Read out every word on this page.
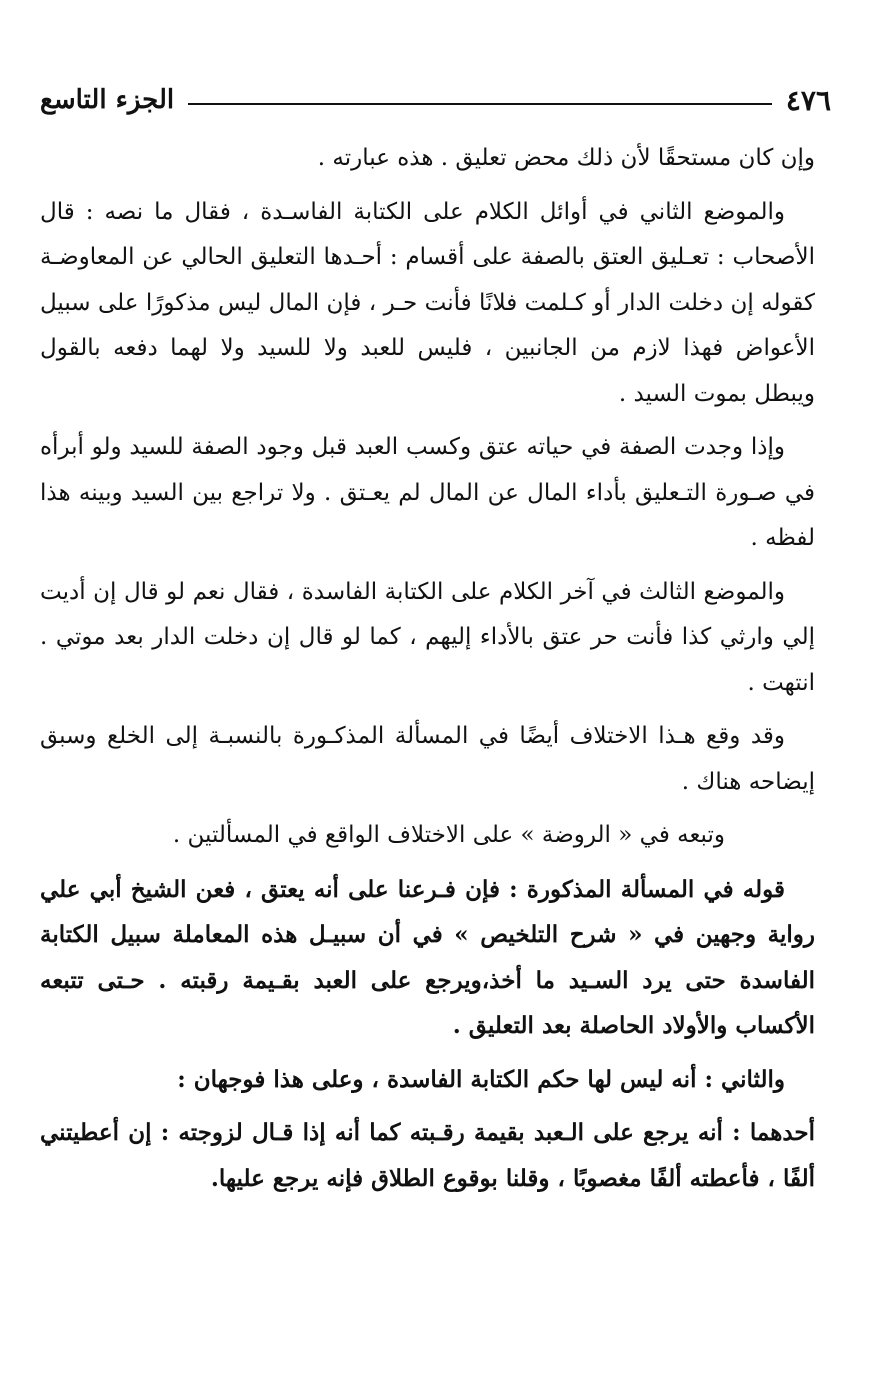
٤٧٦
الجزء التاسع

وإن كان مستحقًا لأن ذلك محض تعليق . هذه عبارته .

والموضع الثاني في أوائل الكلام على الكتابة الفاسـدة ، فقال ما نصه : قال الأصحاب : تعـليق العتق بالصفة على أقسام : أحـدها التعليق الحالي عن المعاوضـة كقوله إن دخلت الدار أو كـلمت فلانًا فأنت حـر ، فإن المال ليس مذكورًا على سبيل الأعواض فهذا لازم من الجانبين ، فليس للعبد ولا للسيد ولا لهما دفعه بالقول ويبطل بموت السيد .

وإذا وجدت الصفة في حياته عتق وكسب العبد قبل وجود الصفة للسيد ولو أبرأه في صـورة التـعليق بأداء المال عن المال لم يعـتق . ولا تراجع بين السيد وبينه هذا لفظه .

والموضع الثالث في آخر الكلام على الكتابة الفاسدة ، فقال نعم لو قال إن أديت إلي وارثي كذا فأنت حر عتق بالأداء إليهم ، كما لو قال إن دخلت الدار بعد موتي . انتهت .

وقد وقع هـذا الاختلاف أيضًا في المسألة المذكـورة بالنسبـة إلى الخلع وسبق إيضاحه هناك .

وتبعه في « الروضة » على الاختلاف الواقع في المسألتين .

قوله في المسألة المذكورة : فإن فـرعنا على أنه يعتق ، فعن الشيخ أبي علي رواية وجهين في « شرح التلخيص » في أن سبيـل هذه المعاملة سبيل الكتابة الفاسدة حتى يرد السـيد ما أخذ،ويرجع على العبد بقـيمة رقبته . حـتى تتبعه الأكساب والأولاد الحاصلة بعد التعليق .

والثاني : أنه ليس لها حكم الكتابة الفاسدة ، وعلى هذا فوجهان :

أحدهما : أنه يرجع على الـعبد بقيمة رقـبته كما أنه إذا قـال لزوجته : إن أعطيتني ألفًا ، فأعطته ألفًا مغصوبًا ، وقلنا بوقوع الطلاق فإنه يرجع عليها.
